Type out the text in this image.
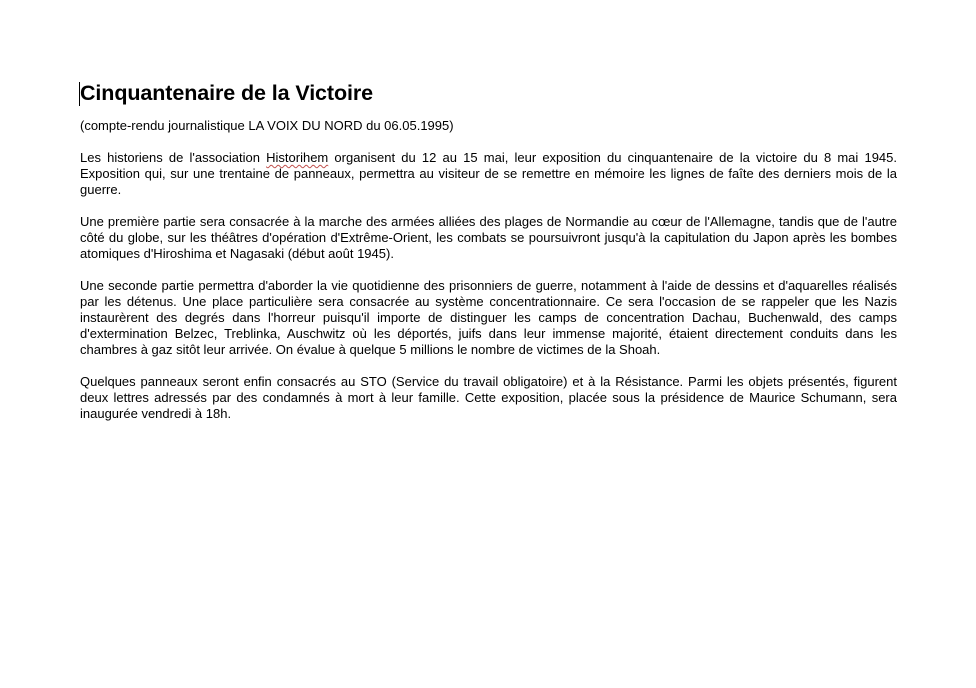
Cinquantenaire de la Victoire

(compte-rendu journalistique LA VOIX DU NORD du 06.05.1995)

Les historiens de l'association Historihem organisent du 12 au 15 mai, leur exposition du cinquantenaire de la victoire du 8 mai 1945. Exposition qui, sur une trentaine de panneaux, permettra au visiteur de se remettre en mémoire les lignes de faîte des derniers mois de la guerre.

Une première partie sera consacrée à la marche des armées alliées des plages de Normandie au cœur de l'Allemagne, tandis que de l'autre côté du globe, sur les théâtres d'opération d'Extrême-Orient, les combats se poursuivront jusqu'à la capitulation du Japon après les bombes atomiques d'Hiroshima et Nagasaki (début août 1945).

Une seconde partie permettra d'aborder la vie quotidienne des prisonniers de guerre, notamment à l'aide de dessins et d'aquarelles réalisés par les détenus. Une place particulière sera consacrée au système concentrationnaire. Ce sera l'occasion de se rappeler que les Nazis instaurèrent des degrés dans l'horreur puisqu'il importe de distinguer les camps de concentration Dachau, Buchenwald, des camps d'extermination Belzec, Treblinka, Auschwitz où les déportés, juifs dans leur immense majorité, étaient directement conduits dans les chambres à gaz sitôt leur arrivée. On évalue à quelque 5 millions le nombre de victimes de la Shoah.

Quelques panneaux seront enfin consacrés au STO (Service du travail obligatoire) et à la Résistance. Parmi les objets présentés, figurent deux lettres adressés par des condamnés à mort à leur famille. Cette exposition, placée sous la présidence de Maurice Schumann, sera inaugurée vendredi à 18h.
